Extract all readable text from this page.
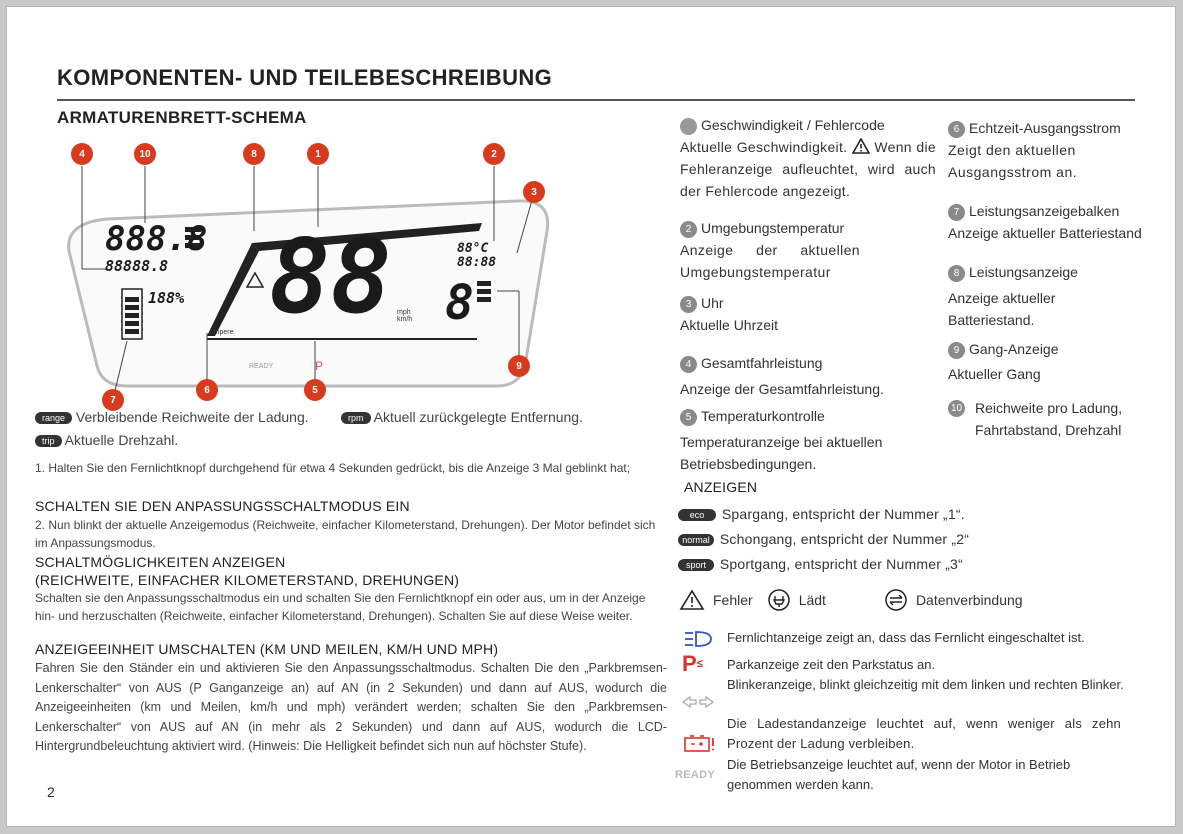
KOMPONENTEN- UND TEILEBESCHREIBUNG
ARMATURENBRETT-SCHEMA
4	10	8	1	2
3
9
5
6
7
888.8
88888.8
188% 88	88°C
88:88
8
mph km/h
Ampere
READY	P
range Verbleibende Reichweite der Ladung.	rpm Aktuell zurückgelegte Entfernung.
trip Aktuelle Drehzahl.
1. Halten Sie den Fernlichtknopf durchgehend für etwa 4 Sekunden gedrückt, bis die Anzeige 3 Mal geblinkt hat;
SCHALTEN SIE DEN ANPASSUNGSSCHALTMODUS EIN
2. Nun blinkt der aktuelle Anzeigemodus (Reichweite, einfacher Kilometerstand, Drehungen). Der Motor befindet sich im Anpassungsmodus.
SCHALTMÖGLICHKEITEN ANZEIGEN
(REICHWEITE, EINFACHER KILOMETERSTAND, DREHUNGEN)
Schalten sie den Anpassungsschaltmodus ein und schalten Sie den Fernlichtknopf ein oder aus, um in der Anzeige hin- und herzuschalten (Reichweite, einfacher Kilometerstand, Drehungen). Schalten Sie auf diese Weise weiter.
ANZEIGEEINHEIT UMSCHALTEN (KM UND MEILEN, KM/H UND MPH)
Fahren Sie den Ständer ein und aktivieren Sie den Anpassungsschaltmodus. Schalten Die den „Parkbremsen-Lenkerschalter“ von AUS (P Ganganzeige an) auf AN (in 2 Sekunden) und dann auf AUS, wodurch die Anzeigeeinheiten (km und Meilen, km/h und mph) verändert werden; schalten Sie den „Parkbremsen-Lenkerschalter“ von AUS auf AN (in mehr als 2 Sekunden) und dann auf AUS, wodurch die LCD-Hintergrundbeleuchtung aktiviert wird. (Hinweis: Die Helligkeit befindet sich nun auf höchster Stufe).
2
Geschwindigkeit / Fehlercode
Aktuelle Geschwindigkeit. Wenn die Fehleranzeige aufleuchtet, wird auch der Fehlercode angezeigt.
2 Umgebungstemperatur
Anzeige der aktuellen Umgebungstemperatur
3 Uhr
Aktuelle Uhrzeit
4 Gesamtfahrleistung
Anzeige der Gesamtfahrleistung.
5 Temperaturkontrolle
Temperaturanzeige bei aktuellen Betriebsbedingungen.
6 Echtzeit-Ausgangsstrom
Zeigt den aktuellen Ausgangsstrom an.
7 Leistungsanzeigebalken
Anzeige aktueller Batteriestand
8 Leistungsanzeige
Anzeige aktueller Batteriestand.
9 Gang-Anzeige
Aktueller Gang
10 Reichweite pro Ladung, Fahrtabstand, Drehzahl
ANZEIGEN
eco Spargang, entspricht der Nummer „1“.
normal Schongang, entspricht der Nummer „2“
sport Sportgang, entspricht der Nummer „3“
Fehler	Lädt	Datenverbindung
Fernlichtanzeige zeigt an, dass das Fernlicht eingeschaltet ist.
P≤ Parkanzeige zeit den Parkstatus an.
Blinkeranzeige, blinkt gleichzeitig mit dem linken und rechten Blinker.
Die Ladestandanzeige leuchtet auf, wenn weniger als zehn Prozent der Ladung verbleiben.
READY
Die Betriebsanzeige leuchtet auf, wenn der Motor in Betrieb genommen werden kann.
